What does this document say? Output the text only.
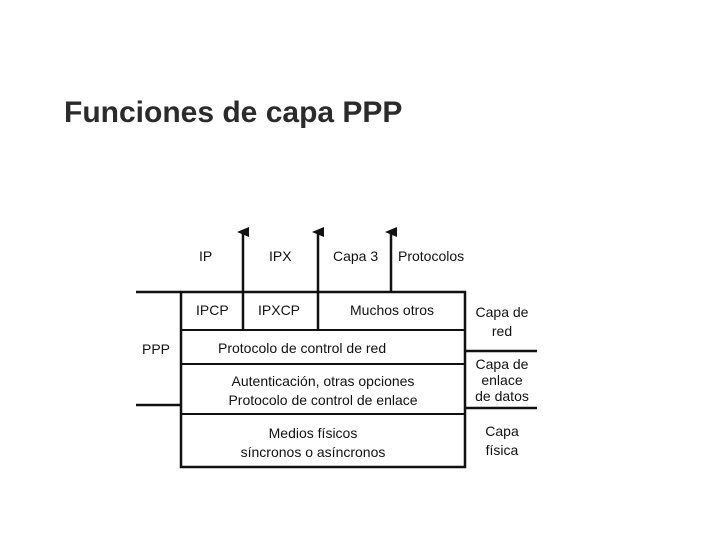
Funciones de capa PPP
IP	IPX	Capa 3 Protocolos
IPCP IPXCP	Muchos otros
Protocolo de control de red
Autenticación, otras opciones
Protocolo de control de enlace
Medios físicos
síncronos o asíncronos
PPP
Capa de
red
Capa de
enlace
de datos
Capa
física
